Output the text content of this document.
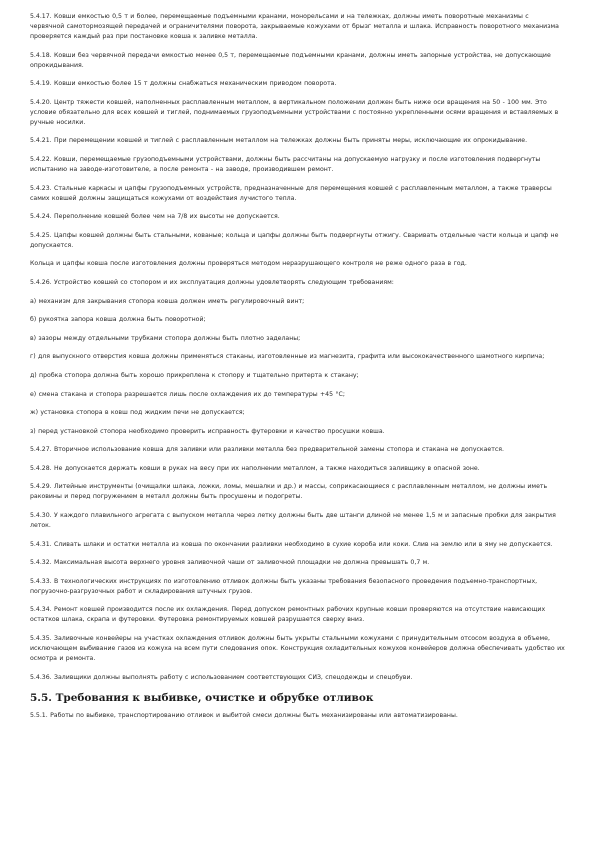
5.4.17. Ковши емкостью 0,5 т и более, перемещаемые подъемными кранами, монорельсами и на тележках, должны иметь поворотные механизмы с червячной самотормозящей передачей и ограничителями поворота, закрываемые кожухами от брызг металла и шлака. Исправность поворотного механизма проверяется каждый раз при постановке ковша к заливке металла.

5.4.18. Ковши без червячной передачи емкостью менее 0,5 т, перемещаемые подъемными кранами, должны иметь запорные устройства, не допускающие опрокидывания.

5.4.19. Ковши емкостью более 15 т должны снабжаться механическим приводом поворота.

5.4.20. Центр тяжести ковшей, наполненных расплавленным металлом, в вертикальном положении должен быть ниже оси вращения на 50 - 100 мм. Это условие обязательно для всех ковшей и тиглей, поднимаемых грузоподъемными устройствами с постоянно укрепленными осями вращения и вставляемых в ручные носилки.

5.4.21. При перемещении ковшей и тиглей с расплавленным металлом на тележках должны быть приняты меры, исключающие их опрокидывание.

5.4.22. Ковши, перемещаемые грузоподъемными устройствами, должны быть рассчитаны на допускаемую нагрузку и после изготовления подвергнуты испытанию на заводе-изготовителе, а после ремонта - на заводе, производившем ремонт.

5.4.23. Стальные каркасы и цапфы грузоподъемных устройств, предназначенные для перемещения ковшей с расплавленным металлом, а также траверсы самих ковшей должны защищаться кожухами от воздействия лучистого тепла.

5.4.24. Переполнение ковшей более чем на 7/8 их высоты не допускается.

5.4.25. Цапфы ковшей должны быть стальными, кованые; кольца и цапфы должны быть подвергнуты отжигу. Сваривать отдельные части кольца и цапф не допускается.

Кольца и цапфы ковша после изготовления должны проверяться методом неразрушающего контроля не реже одного раза в год.

5.4.26. Устройство ковшей со стопором и их эксплуатация должны удовлетворять следующим требованиям:

а) механизм для закрывания стопора ковша должен иметь регулировочный винт;

б) рукоятка запора ковша должна быть поворотной;

в) зазоры между отдельными трубками стопора должны быть плотно заделаны;

г) для выпускного отверстия ковша должны применяться стаканы, изготовленные из магнезита, графита или высококачественного шамотного кирпича;

д) пробка стопора должна быть хорошо прикреплена к стопору и тщательно притерта к стакану;

е) смена стакана и стопора разрешается лишь после охлаждения их до температуры +45 °С;

ж) установка стопора в ковш под жидким печи не допускается;

з) перед установкой стопора необходимо проверить исправность футеровки и качество просушки ковша.

5.4.27. Вторичное использование ковша для заливки или разливки металла без предварительной замены стопора и стакана не допускается.

5.4.28. Не допускается держать ковши в руках на весу при их наполнении металлом, а также находиться заливщику в опасной зоне.

5.4.29. Литейные инструменты (очищалки шлака, ложки, ломы, мешалки и др.) и массы, соприкасающиеся с расплавленным металлом, не должны иметь раковины и перед погружением в металл должны быть просушены и подогреты.

5.4.30. У каждого плавильного агрегата с выпуском металла через летку должны быть две штанги длиной не менее 1,5 м и запасные пробки для закрытия леток.

5.4.31. Сливать шлаки и остатки металла из ковша по окончании разливки необходимо в сухие короба или коки. Слив на землю или в яму не допускается.

5.4.32. Максимальная высота верхнего уровня заливочной чаши от заливочной площадки не должна превышать 0,7 м.

5.4.33. В технологических инструкциях по изготовлению отливок должны быть указаны требования безопасного проведения подъемно-транспортных, погрузочно-разгрузочных работ и складирования штучных грузов.

5.4.34. Ремонт ковшей производится после их охлаждения. Перед допуском ремонтных рабочих крупные ковши проверяются на отсутствие нависающих остатков шлака, скрапа и футеровки. Футеровка ремонтируемых ковшей разрушается сверху вниз.

5.4.35. Заливочные конвейеры на участках охлаждения отливок должны быть укрыты стальными кожухами с принудительным отсосом воздуха в объеме, исключающем выбивание газов из кожуха на всем пути следования опок. Конструкция охладительных кожухов конвейеров должна обеспечивать удобство их осмотра и ремонта.

5.4.36. Заливщики должны выполнять работу с использованием соответствующих СИЗ, спецодежды и спецобуви.

5.5. Требования к выбивке, очистке и обрубке отливок

5.5.1. Работы по выбивке, транспортированию отливок и выбитой смеси должны быть механизированы или автоматизированы.
